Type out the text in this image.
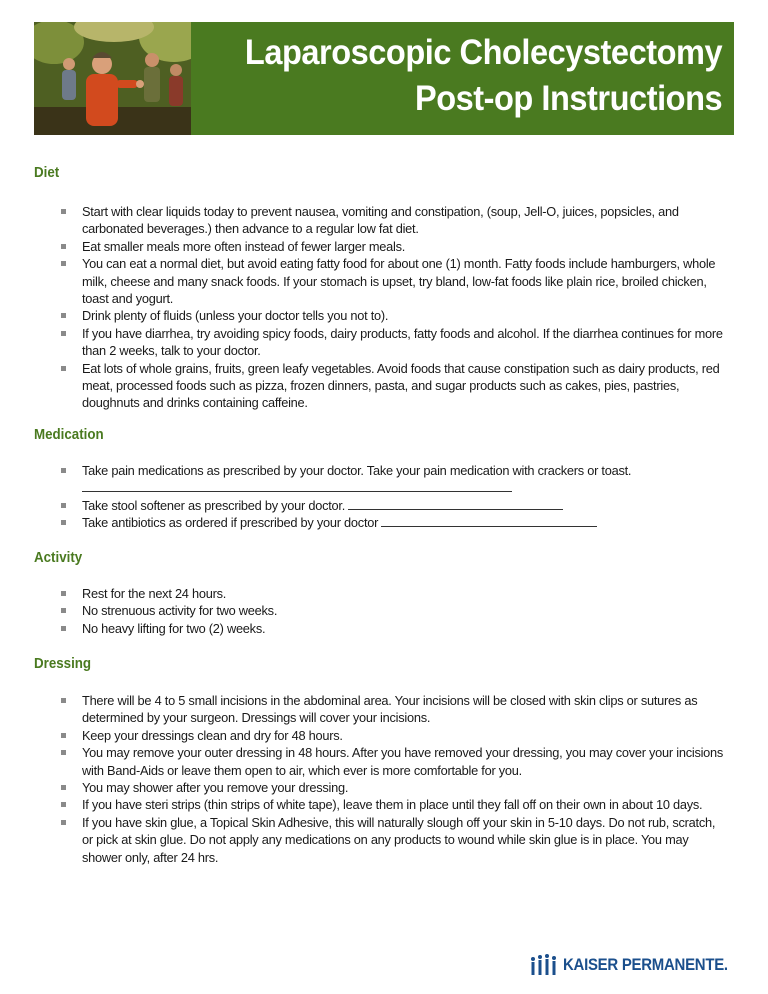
Laparoscopic Cholecystectomy
Post-op Instructions
Diet
Start with clear liquids today to prevent nausea, vomiting and constipation, (soup, Jell-O, juices, popsicles, and carbonated beverages.) then advance to a regular low fat diet.
Eat smaller meals more often instead of fewer larger meals.
You can eat a normal diet, but avoid eating fatty food for about one (1) month. Fatty foods include hamburgers, whole milk, cheese and many snack foods. If your stomach is upset, try bland, low-fat foods like plain rice, broiled chicken, toast and yogurt.
Drink plenty of fluids (unless your doctor tells you not to).
If you have diarrhea, try avoiding spicy foods, dairy products, fatty foods and alcohol. If the diarrhea continues for more than 2 weeks, talk to your doctor.
Eat lots of whole grains, fruits, green leafy vegetables. Avoid foods that cause constipation such as dairy products, red meat, processed foods such as pizza, frozen dinners, pasta, and sugar products such as cakes, pies, pastries, doughnuts and drinks containing caffeine.
Medication
Take pain medications as prescribed by your doctor. Take your pain medication with crackers or toast.

Take stool softener as prescribed by your doctor.
Take antibiotics as ordered if prescribed by your doctor
Activity
Rest for the next 24 hours.
No strenuous activity for two weeks.
No heavy lifting for two (2) weeks.
Dressing
There will be 4 to 5 small incisions in the abdominal area. Your incisions will be closed with skin clips or sutures as determined by your surgeon. Dressings will cover your incisions.
Keep your dressings clean and dry for 48 hours.
You may remove your outer dressing in 48 hours. After you have removed your dressing, you may cover your incisions with Band-Aids or leave them open to air, which ever is more comfortable for you.
You may shower after you remove your dressing.
If you have steri strips (thin strips of white tape), leave them in place until they fall off on their own in about 10 days.
If you have skin glue, a Topical Skin Adhesive, this will naturally slough off your skin in 5-10 days. Do not rub, scratch, or pick at skin glue. Do not apply any medications on any products to wound while skin glue is in place. You may shower only, after 24 hrs.
KAISER PERMANENTE.
